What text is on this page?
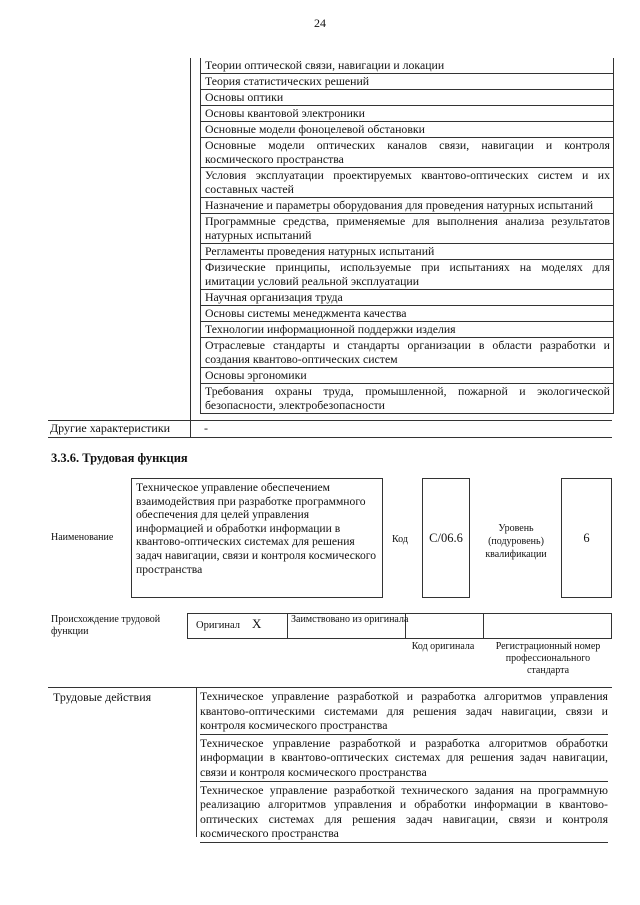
24
Теории оптической связи, навигации и локации
Теория статистических решений
Основы оптики
Основы квантовой электроники
Основные модели фоноцелевой обстановки
Основные модели оптических каналов связи, навигации и контроля космического пространства
Условия эксплуатации проектируемых квантово-оптических систем и их составных частей
Назначение и параметры оборудования для проведения натурных испытаний
Программные средства, применяемые для выполнения анализа результатов натурных испытаний
Регламенты проведения натурных испытаний
Физические принципы, используемые при испытаниях на моделях для имитации условий реальной эксплуатации
Научная организация труда
Основы системы менеджмента качества
Технологии информационной поддержки изделия
Отраслевые стандарты и стандарты организации в области разработки и создания квантово-оптических систем
Основы эргономики
Требования охраны труда, промышленной, пожарной и экологической безопасности, электробезопасности
Другие характеристики	-
3.3.6. Трудовая функция
Наименование
Техническое управление обеспечением взаимодействия при разработке программного обеспечения для целей управления информацией и обработки информации в квантово-оптических системах для решения задач навигации, связи и контроля космического пространства
Код	C/06.6
Уровень (подуровень) квалификации
6
Происхождение трудовой функции
Оригинал X	Заимствовано из оригинала
Код оригинала	Регистрационный номер профессионального стандарта
Трудовые действия	Техническое управление разработкой и разработка алгоритмов управления квантово-оптическими системами для решения задач навигации, связи и контроля космического пространства
Техническое управление разработкой и разработка алгоритмов обработки информации в квантово-оптических системах для решения задач навигации, связи и контроля космического пространства
Техническое управление разработкой технического задания на программную реализацию алгоритмов управления и обработки информации в квантово-оптических системах для решения задач навигации, связи и контроля космического пространства
